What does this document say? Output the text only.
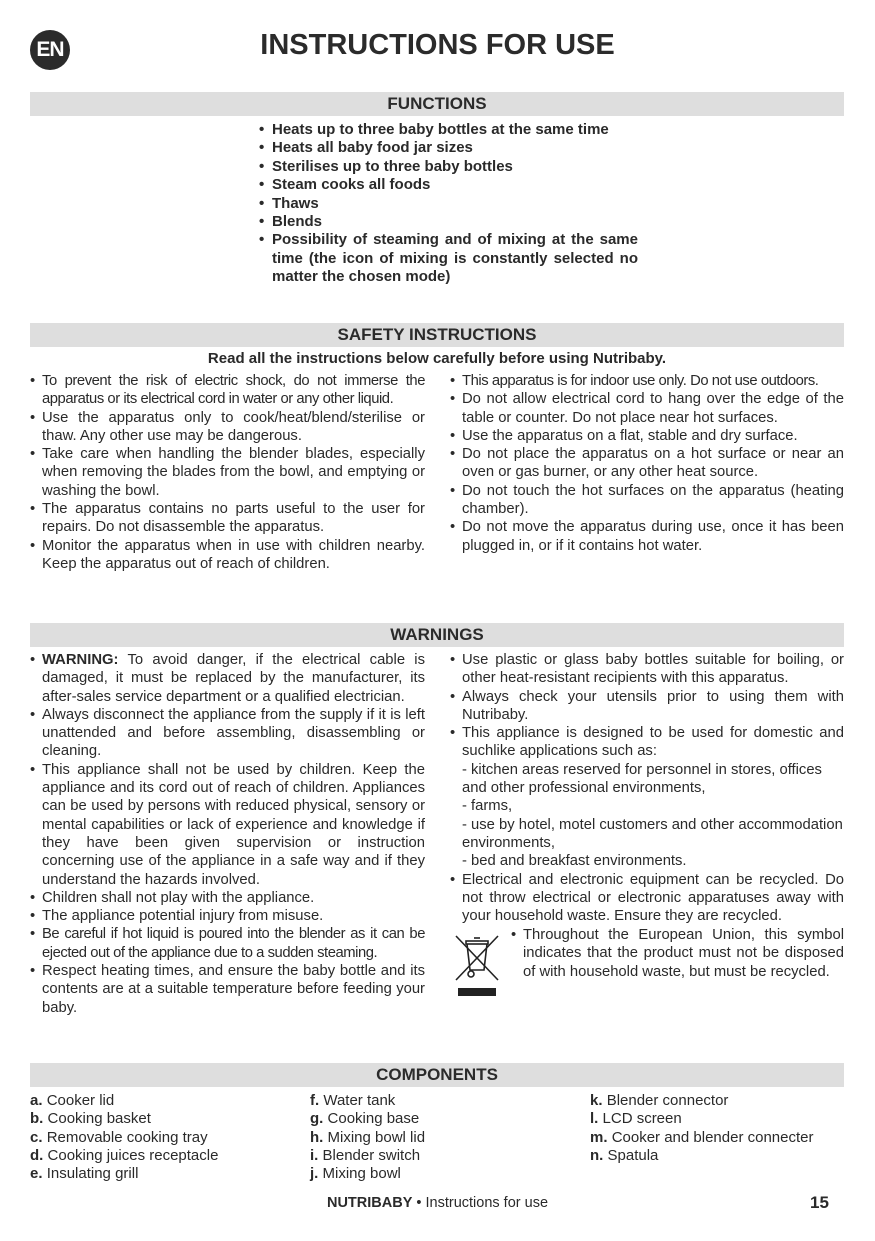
EN	INSTRUCTIONS FOR USE
FUNCTIONS
• Heats up to three baby bottles at the same time
• Heats all baby food jar sizes
• Sterilises up to three baby bottles
• Steam cooks all foods
• Thaws
• Blends
• Possibility of steaming and of mixing at the same time (the icon of mixing is constantly selected no matter the chosen mode)
SAFETY INSTRUCTIONS
Read all the instructions below carefully before using Nutribaby.
• To prevent the risk of electric shock, do not immerse the apparatus or its electrical cord in water or any other liquid.
• Use the apparatus only to cook/heat/blend/sterilise or thaw. Any other use may be dangerous.
• Take care when handling the blender blades, especially when removing the blades from the bowl, and emptying or washing the bowl.
• The apparatus contains no parts useful to the user for repairs. Do not disassemble the apparatus.
• Monitor the apparatus when in use with children nearby. Keep the apparatus out of reach of children.
• This apparatus is for indoor use only. Do not use outdoors.
• Do not allow electrical cord to hang over the edge of the table or counter. Do not place near hot surfaces.
• Use the apparatus on a flat, stable and dry surface.
• Do not place the apparatus on a hot surface or near an oven or gas burner, or any other heat source.
• Do not touch the hot surfaces on the apparatus (heating chamber).
• Do not move the apparatus during use, once it has been plugged in, or if it contains hot water.
WARNINGS
• WARNING: To avoid danger, if the electrical cable is damaged, it must be replaced by the manufacturer, its after-sales service department or a qualified electrician.
• Always disconnect the appliance from the supply if it is left unattended and before assembling, disassembling or cleaning.
• This appliance shall not be used by children. Keep the appliance and its cord out of reach of children. Appliances can be used by persons with reduced physical, sensory or mental capabilities or lack of experience and knowledge if they have been given supervision or instruction concerning use of the appliance in a safe way and if they understand the hazards involved.
• Children shall not play with the appliance.
• The appliance potential injury from misuse.
• Be careful if hot liquid is poured into the blender as it can be ejected out of the appliance due to a sudden steaming.
• Respect heating times, and ensure the baby bottle and its contents are at a suitable temperature before feeding your baby.
• Use plastic or glass baby bottles suitable for boiling, or other heat-resistant recipients with this apparatus.
• Always check your utensils prior to using them with Nutribaby.
• This appliance is designed to be used for domestic and suchlike applications such as:
- kitchen areas reserved for personnel in stores, offices and other professional environments,
- farms,
- use by hotel, motel customers and other accommodation environments,
- bed and breakfast environments.
• Electrical and electronic equipment can be recycled. Do not throw electrical or electronic apparatuses away with your household waste. Ensure they are recycled.
• Throughout the European Union, this symbol indicates that the product must not be disposed of with household waste, but must be recycled.
COMPONENTS
a. Cooker lid
b. Cooking basket
c. Removable cooking tray
d. Cooking juices receptacle
e. Insulating grill
f. Water tank
g. Cooking base
h. Mixing bowl lid
i. Blender switch
j. Mixing bowl
k. Blender connector
l. LCD screen
m. Cooker and blender connecter
n. Spatula
NUTRIBABY • Instructions for use	15
